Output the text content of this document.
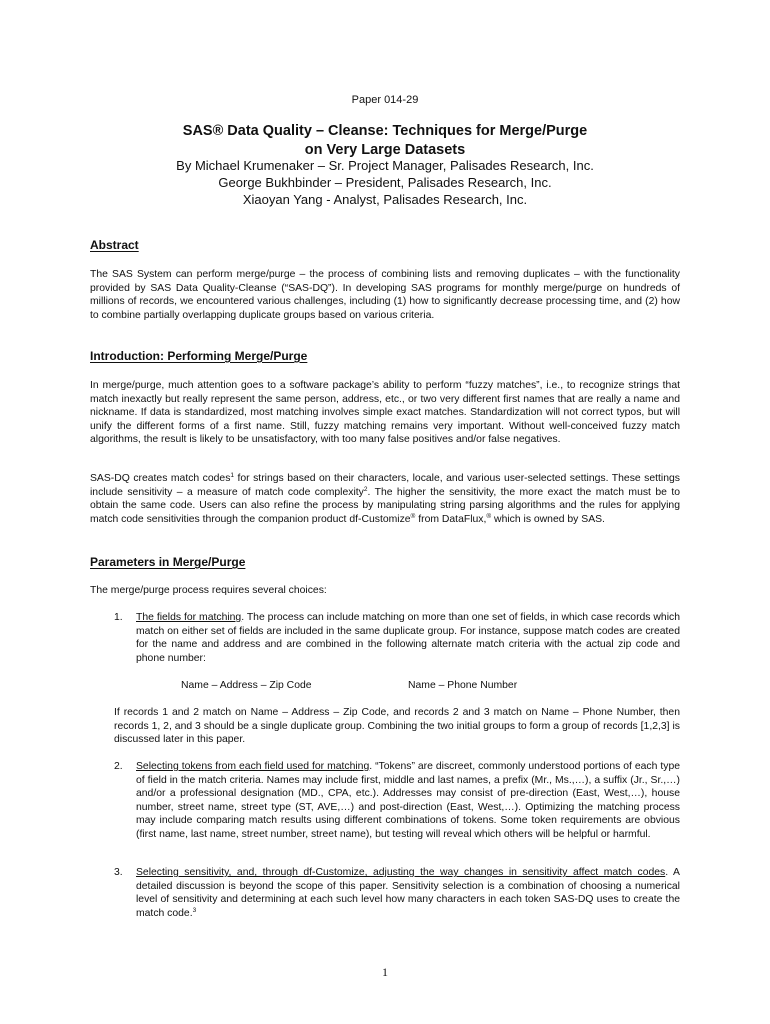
Paper 014-29
SAS® Data Quality – Cleanse: Techniques for Merge/Purge
on Very Large Datasets
By Michael Krumenaker – Sr. Project Manager, Palisades Research, Inc.
George Bukhbinder – President, Palisades Research, Inc.
Xiaoyan Yang - Analyst, Palisades Research, Inc.
Abstract

The SAS System can perform merge/purge – the process of combining lists and removing duplicates – with the functionality provided by SAS Data Quality-Cleanse (“SAS-DQ”). In developing SAS programs for monthly merge/purge on hundreds of millions of records, we encountered various challenges, including (1) how to significantly decrease processing time, and (2) how to combine partially overlapping duplicate groups based on various criteria.

Introduction: Performing Merge/Purge

In merge/purge, much attention goes to a software package’s ability to perform “fuzzy matches”, i.e., to recognize strings that match inexactly but really represent the same person, address, etc., or two very different first names that are really a name and nickname. If data is standardized, most matching involves simple exact matches. Standardization will not correct typos, but will unify the different forms of a first name. Still, fuzzy matching remains very important. Without well-conceived fuzzy match algorithms, the result is likely to be unsatisfactory, with too many false positives and/or false negatives.

SAS-DQ creates match codes$^1$ for strings based on their characters, locale, and various user-selected settings. These settings include sensitivity – a measure of match code complexity$^2$. The higher the sensitivity, the more exact the match must be to obtain the same code. Users can also refine the process by manipulating string parsing algorithms and the rules for applying match code sensitivities through the companion product df-Customize® from DataFlux,® which is owned by SAS.

Parameters in Merge/Purge

The merge/purge process requires several choices:

1. The fields for matching. The process can include matching on more than one set of fields, in which case records which match on either set of fields are included in the same duplicate group. For instance, suppose match codes are created for the name and address and are combined in the following alternate match criteria with the actual zip code and phone number:

Name – Address – Zip Code	Name – Phone Number

If records 1 and 2 match on Name – Address – Zip Code, and records 2 and 3 match on Name – Phone Number, then records 1, 2, and 3 should be a single duplicate group. Combining the two initial groups to form a group of records [1,2,3] is discussed later in this paper.

2. Selecting tokens from each field used for matching. “Tokens” are discreet, commonly understood portions of each type of field in the match criteria. Names may include first, middle and last names, a prefix (Mr., Ms.,…), a suffix (Jr., Sr.,…) and/or a professional designation (MD., CPA, etc.). Addresses may consist of pre-direction (East, West,…), house number, street name, street type (ST, AVE,…) and post-direction (East, West,…). Optimizing the matching process may include comparing match results using different combinations of tokens. Some token requirements are obvious (first name, last name, street number, street name), but testing will reveal which others will be helpful or harmful.

3. Selecting sensitivity, and, through df-Customize, adjusting the way changes in sensitivity affect match codes. A detailed discussion is beyond the scope of this paper. Sensitivity selection is a combination of choosing a numerical level of sensitivity and determining at each such level how many characters in each token SAS-DQ uses to create the match code.$^3$

1
